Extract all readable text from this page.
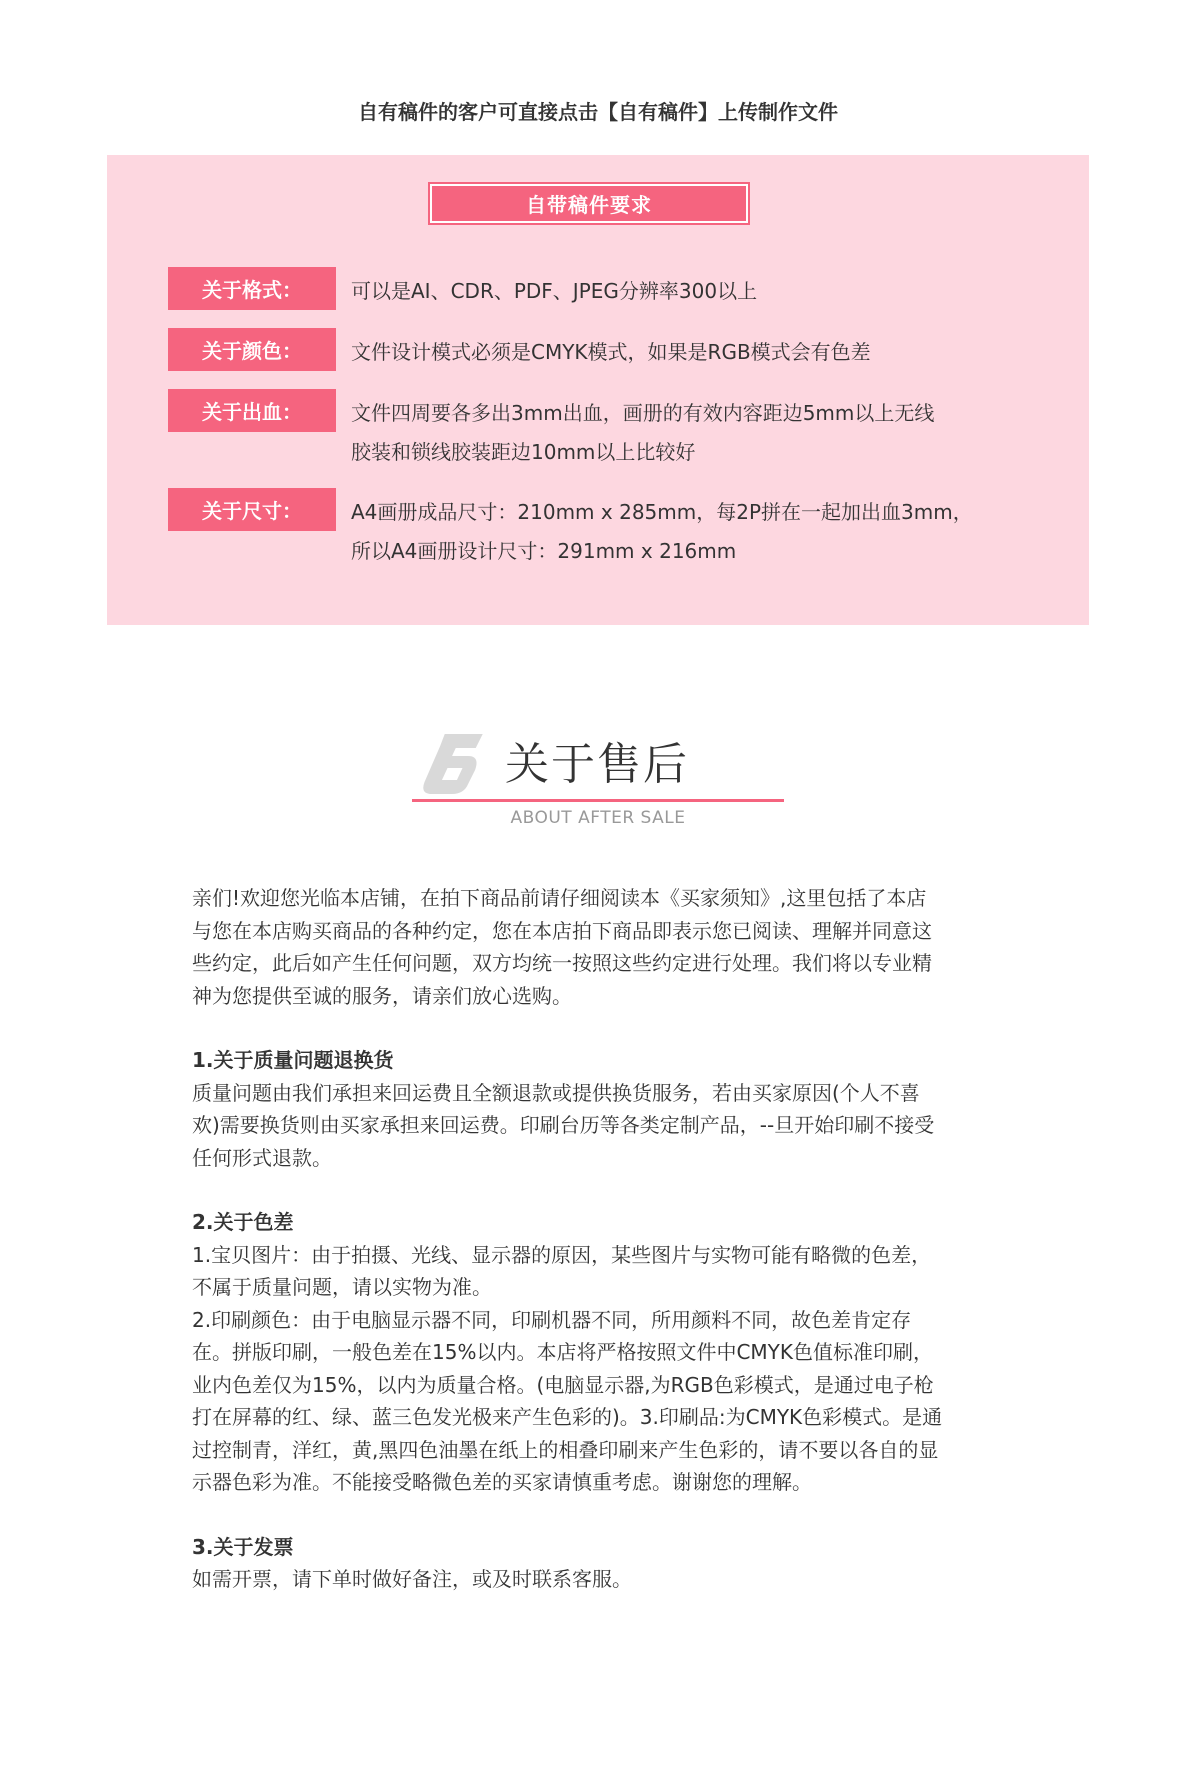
自有稿件的客户可直接点击【自有稿件】上传制作文件
自带稿件要求
关于格式：	可以是AI、CDR、PDF、JPEG分辨率300以上
关于颜色：	文件设计模式必须是CMYK模式，如果是RGB模式会有色差
关于出血：	文件四周要各多出3mm出血，画册的有效内容距边5mm以上无线
胶装和锁线胶装距边10mm以上比较好
关于尺寸：	A4画册成品尺寸：210mm x 285mm，每2P拼在一起加出血3mm，
所以A4画册设计尺寸：291mm x 216mm
关于售后
ABOUT AFTER SALE

亲们!欢迎您光临本店铺，在拍下商品前请仔细阅读本《买家须知》,这里包括了本店

与您在本店购买商品的各种约定，您在本店拍下商品即表示您已阅读、理解并同意这

些约定，此后如产生任何问题，双方均统一按照这些约定进行处理。我们将以专业精

神为您提供至诚的服务，请亲们放心选购。

1.关于质量问题退换货

质量问题由我们承担来回运费且全额退款或提供换货服务，若由买家原因(个人不喜

欢)需要换货则由买家承担来回运费。印刷台历等各类定制产品，--旦开始印刷不接受

任何形式退款。

2.关于色差

1.宝贝图片：由于拍摄、光线、显示器的原因，某些图片与实物可能有略微的色差，

不属于质量问题，请以实物为准。

2.印刷颜色：由于电脑显示器不同，印刷机器不同，所用颜料不同，故色差肯定存

在。拼版印刷，一般色差在15%以内。本店将严格按照文件中CMYK色值标准印刷，

业内色差仅为15%，以内为质量合格。(电脑显示器,为RGB色彩模式，是通过电子枪

打在屏幕的红、绿、蓝三色发光极来产生色彩的)。3.印刷品:为CMYK色彩模式。是通

过控制青，洋红，黄,黑四色油墨在纸上的相叠印刷来产生色彩的，请不要以各自的显

示器色彩为准。不能接受略微色差的买家请慎重考虑。谢谢您的理解。

3.关于发票

如需开票，请下单时做好备注，或及时联系客服。
